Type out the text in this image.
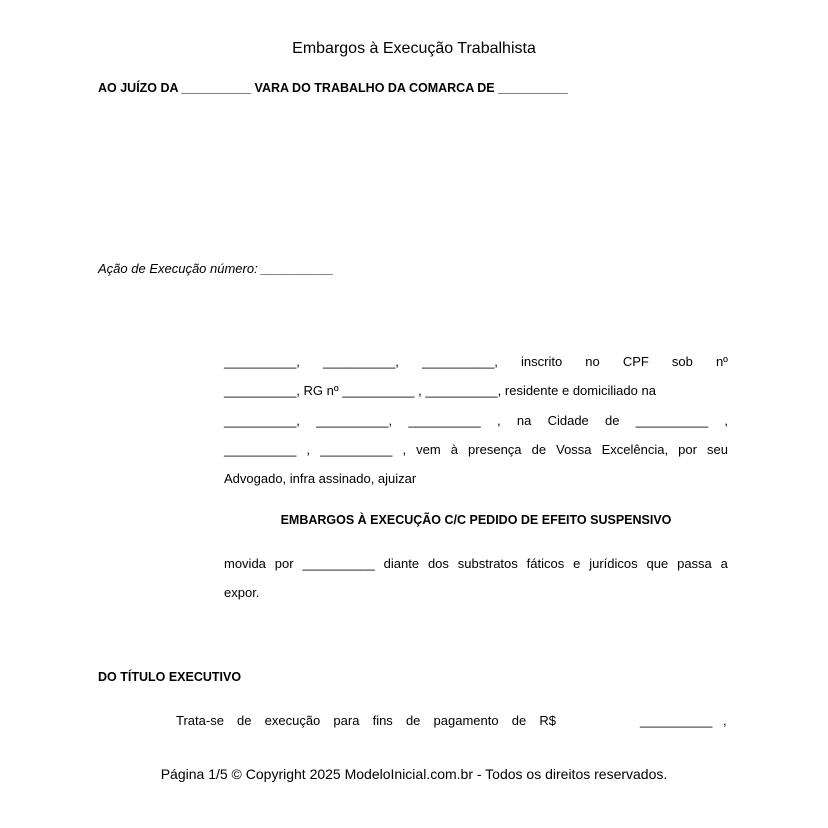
Embargos à Execução Trabalhista
AO JUÍZO DA __________ VARA DO TRABALHO DA COMARCA DE __________
Ação de Execução número: __________
__________, __________, __________, inscrito no CPF sob nº
__________, RG nº __________ , __________, residente e domiciliado na
__________, __________, __________ , na Cidade de __________ ,
__________ , __________ , vem à presença de Vossa Excelência, por seu
Advogado, infra assinado, ajuizar
EMBARGOS À EXECUÇÃO C/C PEDIDO DE EFEITO SUSPENSIVO
movida por __________ diante dos substratos fáticos e jurídicos que passa a
expor.
DO TÍTULO EXECUTIVO
Trata-se de execução para fins de pagamento de R$	__________ ,
Página 1/5 © Copyright 2025 ModeloInicial.com.br - Todos os direitos reservados.
